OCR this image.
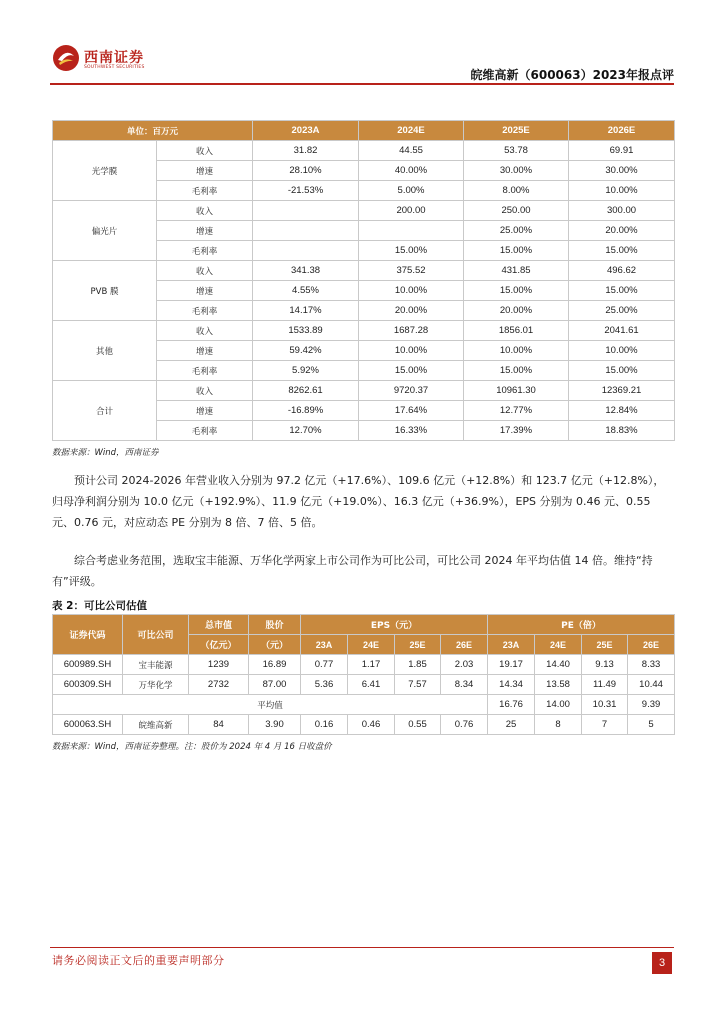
西南证券
SOUTHWEST SECURITIES
皖维高新（600063）2023年报点评
单位：百万元		2023A	2024E	2025E	2026E
光学膜	收入	31.82	44.55	53.78	69.91
	增速	28.10%	40.00%	30.00%	30.00%
	毛利率	-21.53%	5.00%	8.00%	10.00%
偏光片	收入		200.00	250.00	300.00
	增速			25.00%	20.00%
	毛利率		15.00%	15.00%	15.00%
PVB 膜	收入	341.38	375.52	431.85	496.62
	增速	4.55%	10.00%	15.00%	15.00%
	毛利率	14.17%	20.00%	20.00%	25.00%
其他	收入	1533.89	1687.28	1856.01	2041.61
	增速	59.42%	10.00%	10.00%	10.00%
	毛利率	5.92%	15.00%	15.00%	15.00%
合计	收入	8262.61	9720.37	10961.30	12369.21
	增速	-16.89%	17.64%	12.77%	12.84%
	毛利率	12.70%	16.33%	17.39%	18.83%
数据来源：Wind，西南证券
预计公司 2024-2026 年营业收入分别为 97.2 亿元（+17.6%）、109.6 亿元（+12.8%）和 123.7 亿元（+12.8%），归母净利润分别为 10.0 亿元（+192.9%）、11.9 亿元（+19.0%）、16.3 亿元（+36.9%），EPS 分别为 0.46 元、0.55 元、0.76 元，对应动态 PE 分别为 8 倍、7 倍、5 倍。
综合考虑业务范围，选取宝丰能源、万华化学两家上市公司作为可比公司，可比公司 2024 年平均估值 14 倍。维持“持有”评级。
表 2：可比公司估值
证券代码	可比公司	总市值	股价	EPS（元）				PE（倍）			
		（亿元）	（元）	23A	24E	25E	26E	23A	24E	25E	26E
600989.SH	宝丰能源	1239	16.89	0.77	1.17	1.85	2.03	19.17	14.40	9.13	8.33
600309.SH	万华化学	2732	87.00	5.36	6.41	7.57	8.34	14.34	13.58	11.49	10.44
平均值								16.76	14.00	10.31	9.39
600063.SH	皖维高新	84	3.90	0.16	0.46	0.55	0.76	25	8	7	5
数据来源：Wind，西南证券整理。注：股价为 2024 年 4 月 16 日收盘价
请务必阅读正文后的重要声明部分	3
